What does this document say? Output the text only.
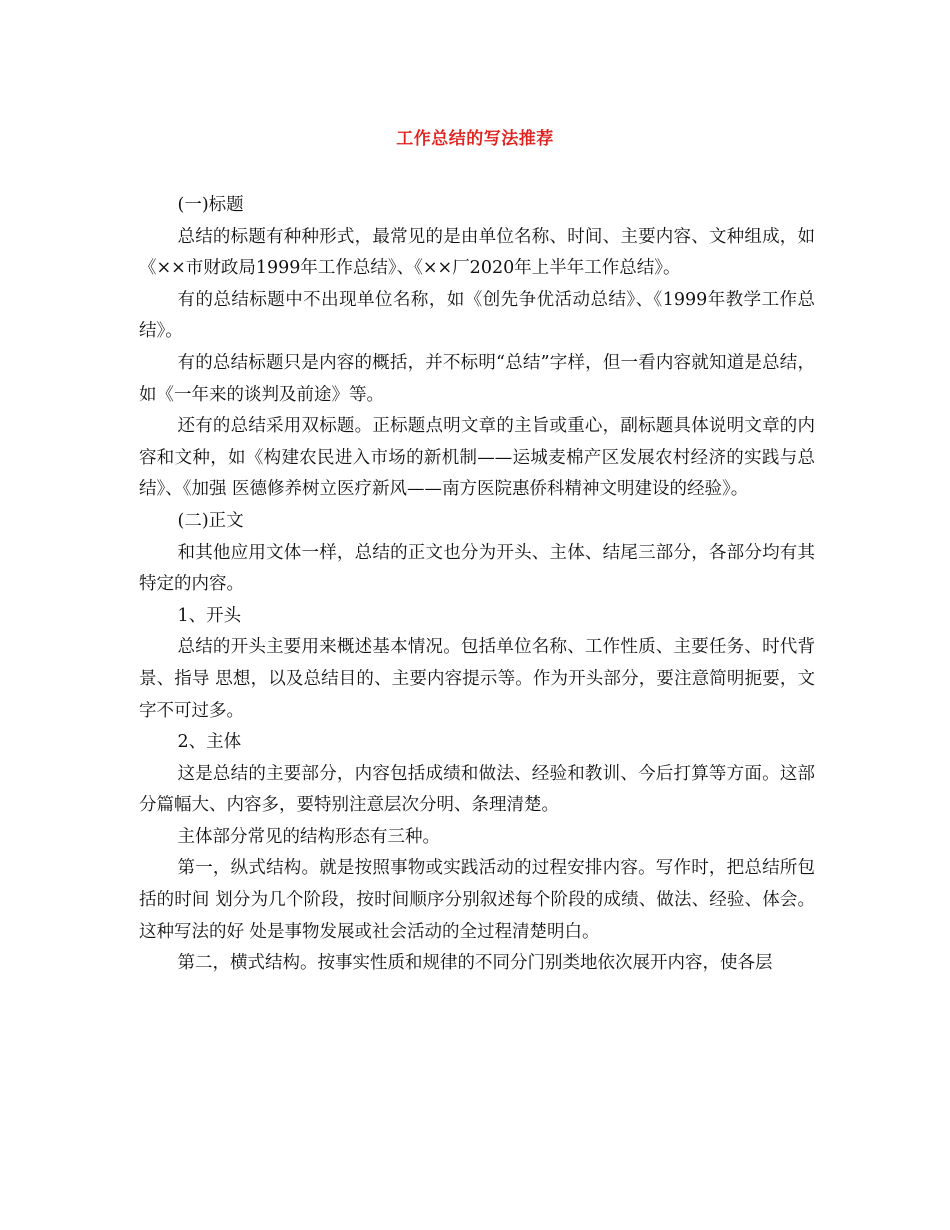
工作总结的写法推荐

(一)标题

总结的标题有种种形式，最常见的是由单位名称、时间、主要内容、文种组成，如《××市财政局1999年工作总结》、《××厂2020年上半年工作总结》。

有的总结标题中不出现单位名称，如《创先争优活动总结》、《1999年教学工作总结》。

有的总结标题只是内容的概括，并不标明“总结”字样，但一看内容就知道是总结，如《一年来的谈判及前途》等。

还有的总结采用双标题。正标题点明文章的主旨或重心，副标题具体说明文章的内容和文种，如《构建农民进入市场的新机制——运城麦棉产区发展农村经济的实践与总结》、《加强 医德修养树立医疗新风——南方医院惠侨科精神文明建设的经验》。

(二)正文

和其他应用文体一样，总结的正文也分为开头、主体、结尾三部分，各部分均有其特定的内容。

1、开头

总结的开头主要用来概述基本情况。包括单位名称、工作性质、主要任务、时代背景、指导 思想，以及总结目的、主要内容提示等。作为开头部分，要注意简明扼要，文字不可过多。

2、主体

这是总结的主要部分，内容包括成绩和做法、经验和教训、今后打算等方面。这部分篇幅大、内容多，要特别注意层次分明、条理清楚。

主体部分常见的结构形态有三种。

第一，纵式结构。就是按照事物或实践活动的过程安排内容。写作时，把总结所包括的时间 划分为几个阶段，按时间顺序分别叙述每个阶段的成绩、做法、经验、体会。这种写法的好 处是事物发展或社会活动的全过程清楚明白。

第二，横式结构。按事实性质和规律的不同分门别类地依次展开内容，使各层
